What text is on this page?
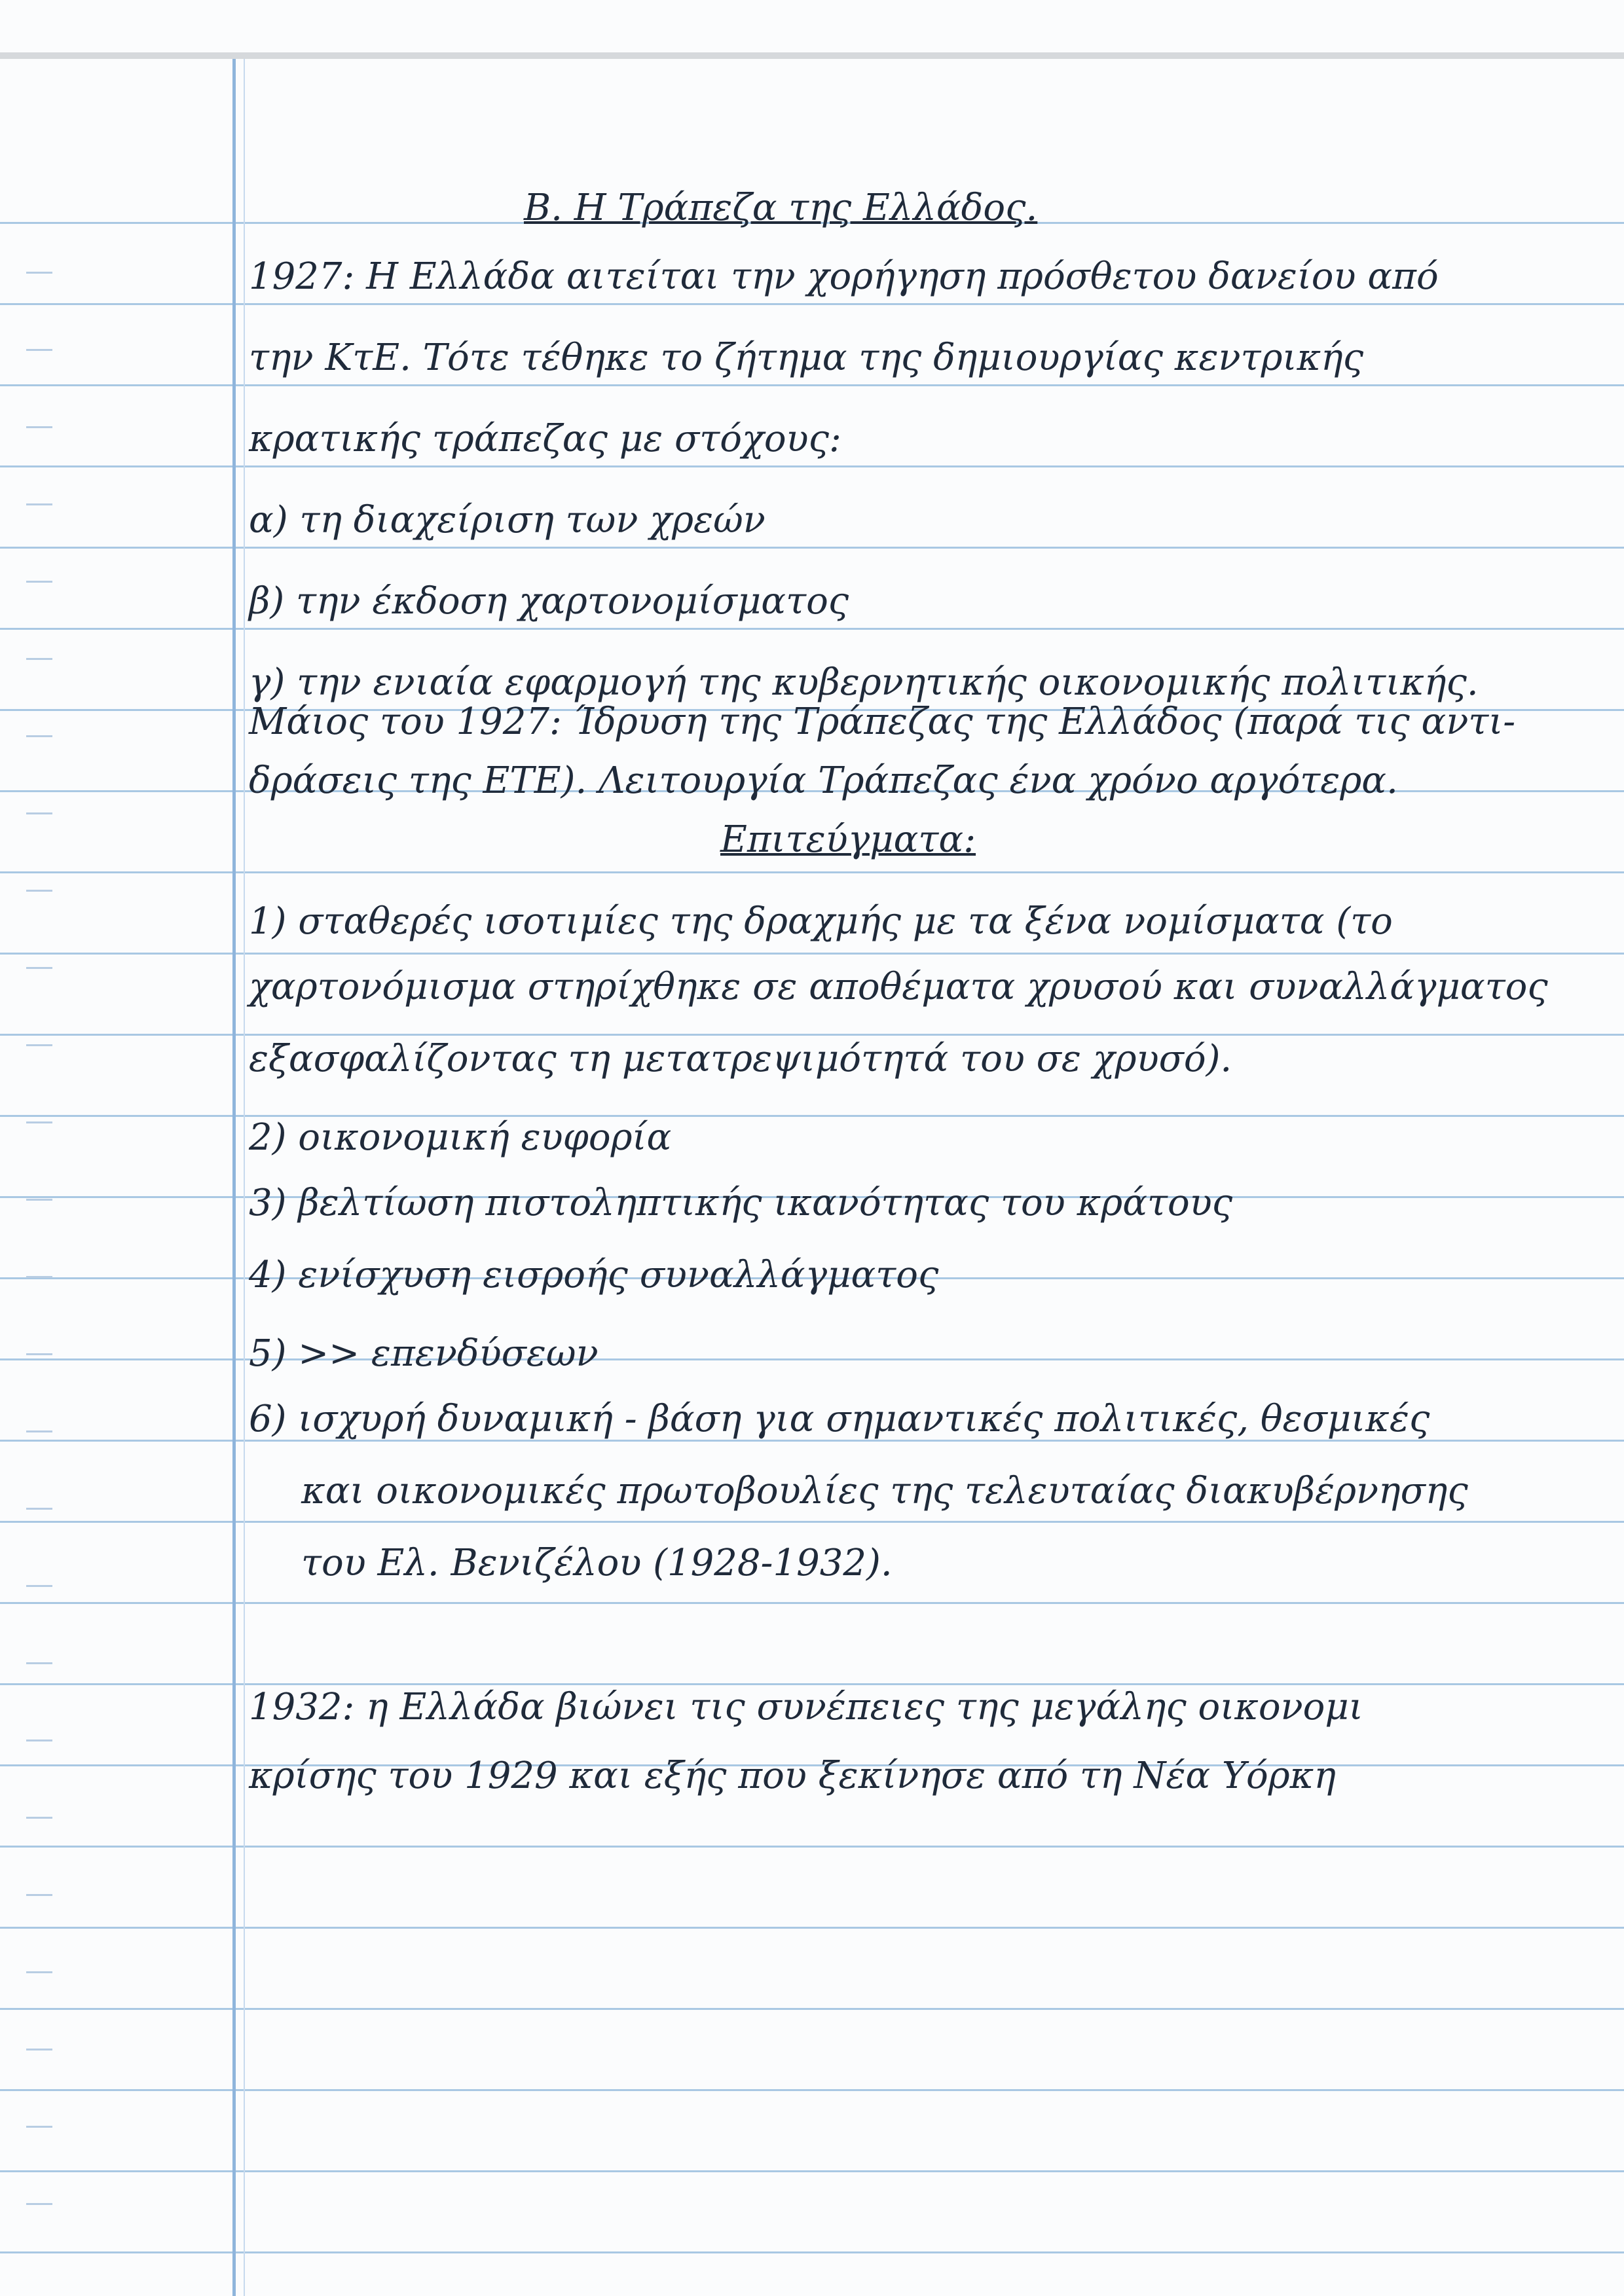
B. Η Τράπεζα της Ελλάδος.
1927: Η Ελλάδα αιτείται την χορήγηση πρόσθετου δανείου από
την ΚτΕ. Τότε τέθηκε το ζήτημα της δημιουργίας κεντρικής
κρατικής τράπεζας με στόχους:
α) τη διαχείριση των χρεών
β) την έκδοση χαρτονομίσματος
γ) την ενιαία εφαρμογή της κυβερνητικής οικονομικής πολιτικής.
Μάιος του 1927: Ίδρυση της Τράπεζας της Ελλάδος (παρά τις αντι-
δράσεις της ΕΤΕ). Λειτουργία Τράπεζας ένα χρόνο αργότερα.
Επιτεύγματα:
1) σταθερές ισοτιμίες της δραχμής με τα ξένα νομίσματα (το
χαρτονόμισμα στηρίχθηκε σε αποθέματα χρυσού και συναλλάγματος
εξασφαλίζοντας τη μετατρεψιμότητά του σε χρυσό).
2) οικονομική ευφορία
3) βελτίωση πιστοληπτικής ικανότητας του κράτους
4) ενίσχυση εισροής συναλλάγματος
5) >> επενδύσεων
6) ισχυρή δυναμική - βάση για σημαντικές πολιτικές, θεσμικές
και οικονομικές πρωτοβουλίες της τελευταίας διακυβέρνησης
του Ελ. Βενιζέλου (1928-1932).
1932: η Ελλάδα βιώνει τις συνέπειες της μεγάλης οικονομι
κρίσης του 1929 και εξής που ξεκίνησε από τη Νέα Υόρκη
